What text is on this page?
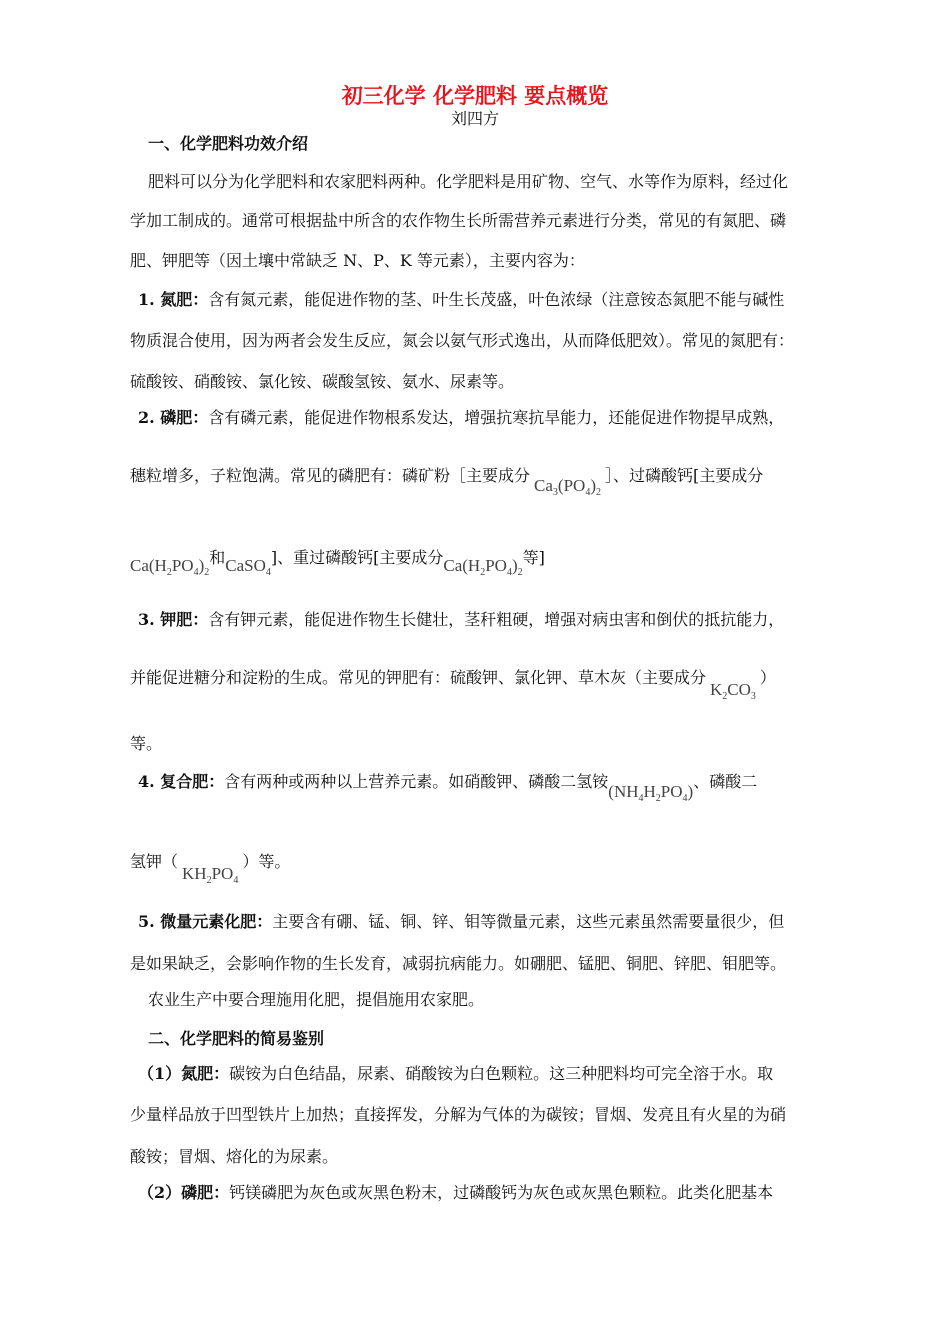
初三化学 化学肥料 要点概览
刘四方
一、化学肥料功效介绍
肥料可以分为化学肥料和农家肥料两种。化学肥料是用矿物、空气、水等作为原料，经过化
学加工制成的。通常可根据盐中所含的农作物生长所需营养元素进行分类，常见的有氮肥、磷
肥、钾肥等（因土壤中常缺乏 N、P、K 等元素），主要内容为：
1. 氮肥：含有氮元素，能促进作物的茎、叶生长茂盛，叶色浓绿（注意铵态氮肥不能与碱性
物质混合使用，因为两者会发生反应，氮会以氨气形式逸出，从而降低肥效）。常见的氮肥有：
硫酸铵、硝酸铵、氯化铵、碳酸氢铵、氨水、尿素等。
2. 磷肥：含有磷元素，能促进作物根系发达，增强抗寒抗旱能力，还能促进作物提早成熟，
穗粒增多，子粒饱满。常见的磷肥有：磷矿粉［主要成分$Ca_3(PO_4)_2]$、过磷酸钙[主要成分
$Ca(H_2PO_4)_2$和CaSO$_4$]、重过磷酸钙[主要成分$Ca(H_2PO_4)_2$等]
3. 钾肥：含有钾元素，能促进作物生长健壮，茎秆粗硬，增强对病虫害和倒伏的抵抗能力，
并能促进糖分和淀粉的生成。常见的钾肥有：硫酸钾、氯化钾、草木灰（主要成分$K_2CO_3$）
等。
4. 复合肥：含有两种或两种以上营养元素。如硝酸钾、磷酸二氢铵$(NH_4H_2PO_4)$、磷酸二
氢钾$(KH_2PO_4)$等。
5. 微量元素化肥：主要含有硼、锰、铜、锌、钼等微量元素，这些元素虽然需要量很少，但
是如果缺乏，会影响作物的生长发育，减弱抗病能力。如硼肥、锰肥、铜肥、锌肥、钼肥等。
农业生产中要合理施用化肥，提倡施用农家肥。
二、化学肥料的简易鉴别
（1）氮肥：碳铵为白色结晶，尿素、硝酸铵为白色颗粒。这三种肥料均可完全溶于水。取
少量样品放于凹型铁片上加热；直接挥发，分解为气体的为碳铵；冒烟、发亮且有火星的为硝
酸铵；冒烟、熔化的为尿素。
（2）磷肥：钙镁磷肥为灰色或灰黑色粉末，过磷酸钙为灰色或灰黑色颗粒。此类化肥基本
